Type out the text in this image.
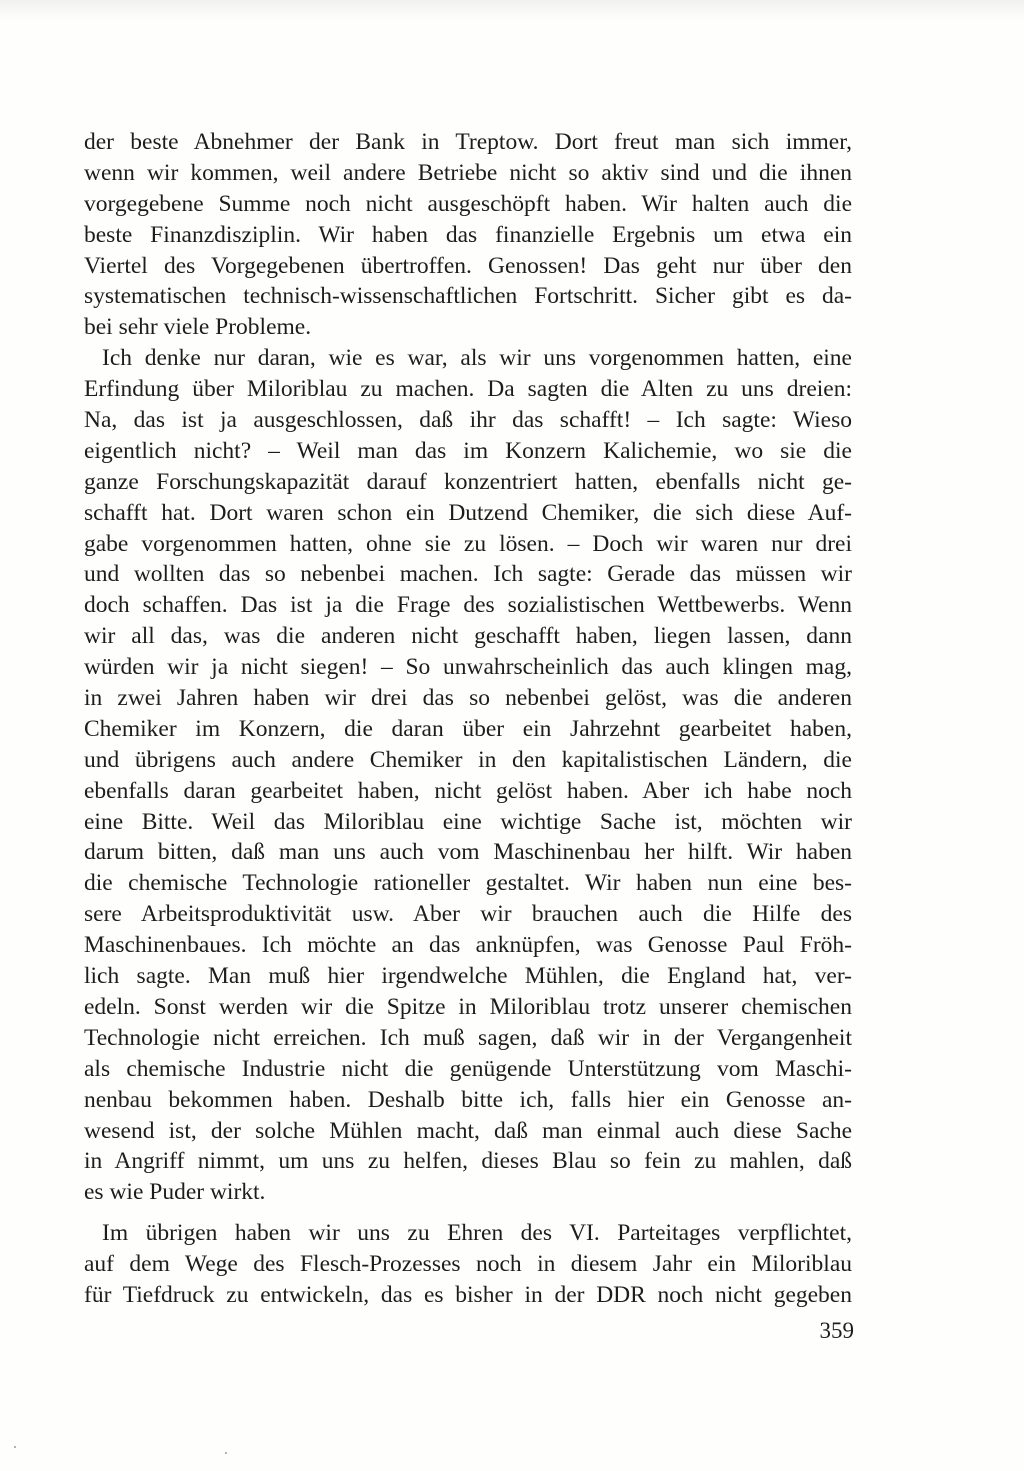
der beste Abnehmer der Bank in Treptow. Dort freut man sich immer,
wenn wir kommen, weil andere Betriebe nicht so aktiv sind und die ihnen
vorgegebene Summe noch nicht ausgeschöpft haben. Wir halten auch die
beste Finanzdisziplin. Wir haben das finanzielle Ergebnis um etwa ein
Viertel des Vorgegebenen übertroffen. Genossen! Das geht nur über den
systematischen technisch-wissenschaftlichen Fortschritt. Sicher gibt es da-
bei sehr viele Probleme.
Ich denke nur daran, wie es war, als wir uns vorgenommen hatten, eine
Erfindung über Miloriblau zu machen. Da sagten die Alten zu uns dreien:
Na, das ist ja ausgeschlossen, daß ihr das schafft! – Ich sagte: Wieso
eigentlich nicht? – Weil man das im Konzern Kalichemie, wo sie die
ganze Forschungskapazität darauf konzentriert hatten, ebenfalls nicht ge-
schafft hat. Dort waren schon ein Dutzend Chemiker, die sich diese Auf-
gabe vorgenommen hatten, ohne sie zu lösen. – Doch wir waren nur drei
und wollten das so nebenbei machen. Ich sagte: Gerade das müssen wir
doch schaffen. Das ist ja die Frage des sozialistischen Wettbewerbs. Wenn
wir all das, was die anderen nicht geschafft haben, liegen lassen, dann
würden wir ja nicht siegen! – So unwahrscheinlich das auch klingen mag,
in zwei Jahren haben wir drei das so nebenbei gelöst, was die anderen
Chemiker im Konzern, die daran über ein Jahrzehnt gearbeitet haben,
und übrigens auch andere Chemiker in den kapitalistischen Ländern, die
ebenfalls daran gearbeitet haben, nicht gelöst haben. Aber ich habe noch
eine Bitte. Weil das Miloriblau eine wichtige Sache ist, möchten wir
darum bitten, daß man uns auch vom Maschinenbau her hilft. Wir haben
die chemische Technologie rationeller gestaltet. Wir haben nun eine bes-
sere Arbeitsproduktivität usw. Aber wir brauchen auch die Hilfe des
Maschinenbaues. Ich möchte an das anknüpfen, was Genosse Paul Fröh-
lich sagte. Man muß hier irgendwelche Mühlen, die England hat, ver-
edeln. Sonst werden wir die Spitze in Miloriblau trotz unserer chemischen
Technologie nicht erreichen. Ich muß sagen, daß wir in der Vergangenheit
als chemische Industrie nicht die genügende Unterstützung vom Maschi-
nenbau bekommen haben. Deshalb bitte ich, falls hier ein Genosse an-
wesend ist, der solche Mühlen macht, daß man einmal auch diese Sache
in Angriff nimmt, um uns zu helfen, dieses Blau so fein zu mahlen, daß
es wie Puder wirkt.
Im übrigen haben wir uns zu Ehren des VI. Parteitages verpflichtet,
auf dem Wege des Flesch-Prozesses noch in diesem Jahr ein Miloriblau
für Tiefdruck zu entwickeln, das es bisher in der DDR noch nicht gegeben
359
